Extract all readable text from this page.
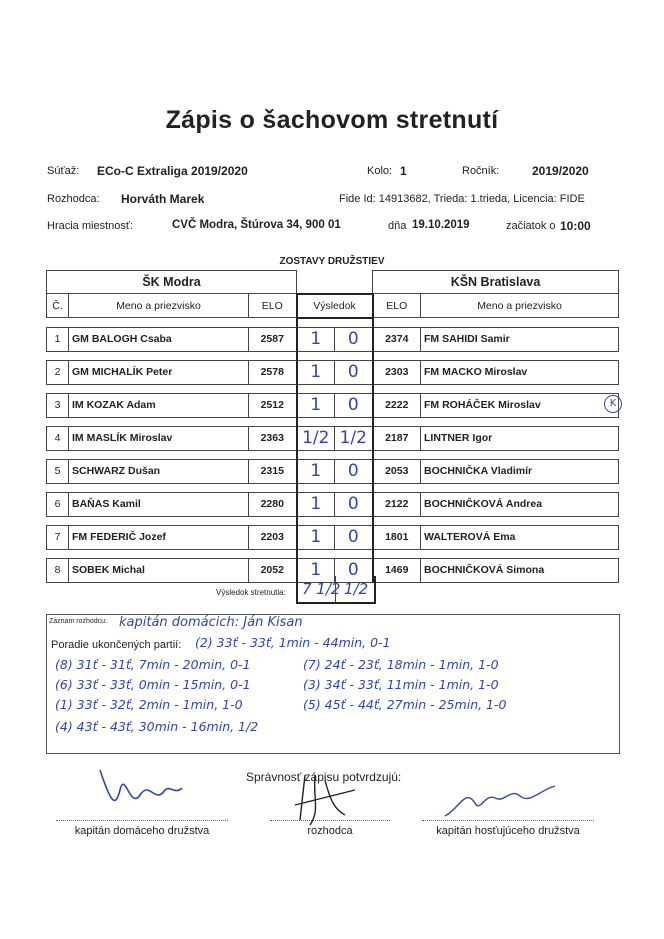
Zápis o šachovom stretnutí
Súťaž: ECo-C Extraliga 2019/2020	Kolo: 1	Ročník:	2019/2020
Rozhodca: Horváth Marek	Fide Id: 14913682, Trieda: 1.trieda, Licencia: FIDE
Hracia miestnosť:	CVČ Modra, Štúrova 34, 900 01	dňa 19.10.2019	začiatok o 10:00
ZOSTAVY DRUŽSTIEV
ŠK Modra					KŠN Bratislava	
Č.	Meno a priezvisko	ELO	Výsledok		ELO	Meno a priezvisko

1	GM BALOGH Csaba	2587	1	0	2374	FM SAHIDI Samir

2	GM MICHALÍK Peter	2578	1	0	2303	FM MACKO Miroslav

3	IM KOZAK Adam	2512	1	0	2222	FM ROHÁČEK Miroslav

4	IM MASLÍK Miroslav	2363	1/2	1/2	2187	LINTNER Igor

5	SCHWARZ Dušan	2315	1	0	2053	BOCHNIČKA Vladimír

6	BAŇAS Kamil	2280	1	0	2122	BOCHNIČKOVÁ Andrea

7	FM FEDERIČ Jozef	2203	1	0	1801	WALTEROVÁ Ema

8	SOBEK Michal	2052	1	0	1469	BOCHNIČKOVÁ Simona
K
Výsledok stretnutia: 7 1/2 1/2
Záznam rozhodcu: kapitán domácich: Ján Kisan
Poradie ukončených partií: (2) 33ť - 33ť, 1min - 44min, 0-1
(8) 31ť - 31ť, 7min - 20min, 0-1	(7) 24ť - 23ť, 18min - 1min, 1-0
(6) 33ť - 33ť, 0min - 15min, 0-1	(3) 34ť - 33ť, 11min - 1min, 1-0
(1) 33ť - 32ť, 2min - 1min, 1-0	(5) 45ť - 44ť, 27min - 25min, 1-0
(4) 43ť - 43ť, 30min - 16min, 1/2
Správnosť zápisu potvrdzujú:
kapitán domáceho družstva	rozhodca	kapitán hosťujúceho družstva
